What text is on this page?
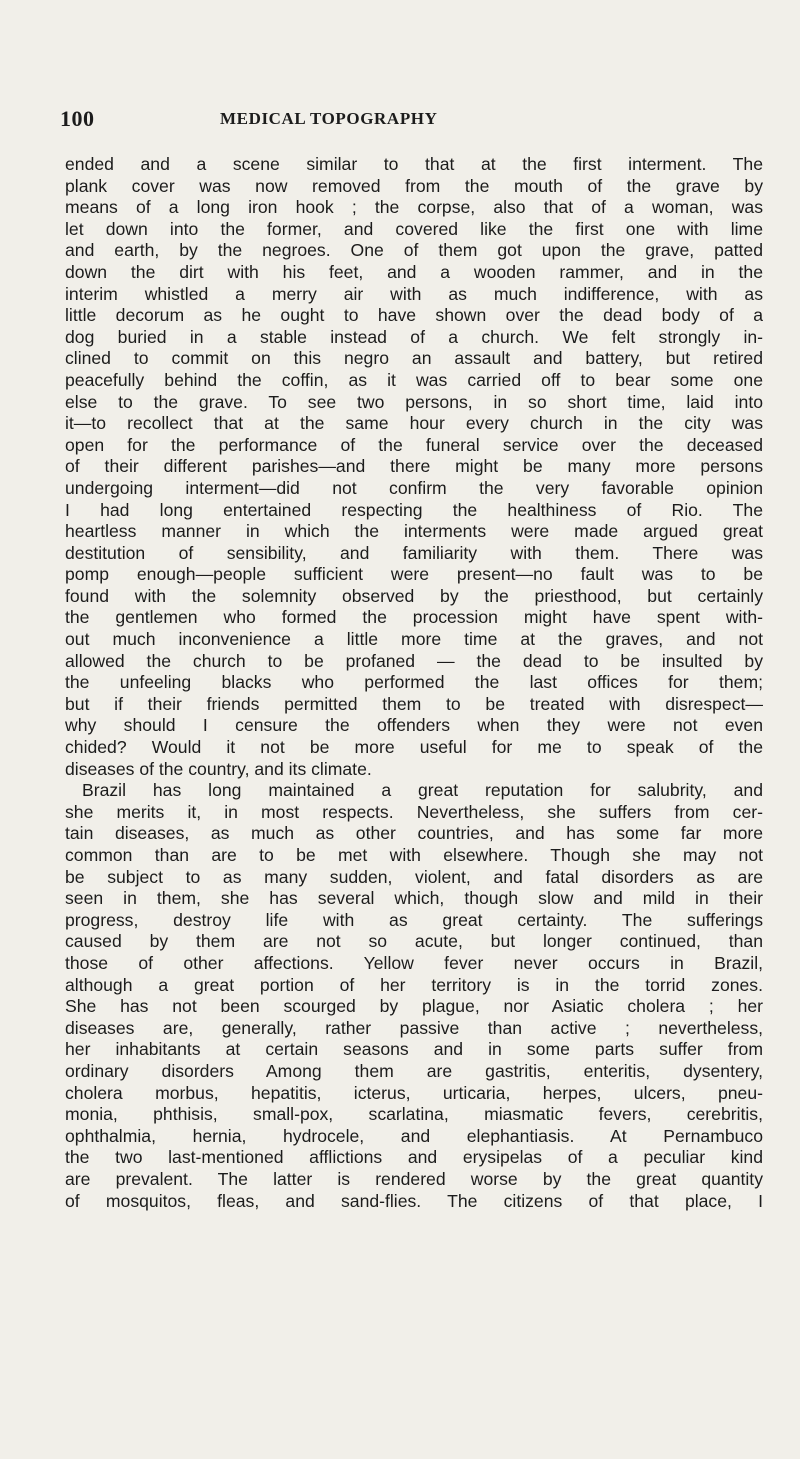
100	MEDICAL TOPOGRAPHY
ended and a scene similar to that at the first interment. The
plank cover was now removed from the mouth of the grave by
means of a long iron hook ; the corpse, also that of a woman, was
let down into the former, and covered like the first one with lime
and earth, by the negroes. One of them got upon the grave, patted
down the dirt with his feet, and a wooden rammer, and in the
interim whistled a merry air with as much indifference, with as
little decorum as he ought to have shown over the dead body of a
dog buried in a stable instead of a church. We felt strongly in-
clined to commit on this negro an assault and battery, but retired
peacefully behind the coffin, as it was carried off to bear some one
else to the grave. To see two persons, in so short time, laid into
it—to recollect that at the same hour every church in the city was
open for the performance of the funeral service over the deceased
of their different parishes—and there might be many more persons
undergoing interment—did not confirm the very favorable opinion
I had long entertained respecting the healthiness of Rio. The
heartless manner in which the interments were made argued great
destitution of sensibility, and familiarity with them. There was
pomp enough—people sufficient were present—no fault was to be
found with the solemnity observed by the priesthood, but certainly
the gentlemen who formed the procession might have spent with-
out much inconvenience a little more time at the graves, and not
allowed the church to be profaned — the dead to be insulted by
the unfeeling blacks who performed the last offices for them;
but if their friends permitted them to be treated with disrespect—
why should I censure the offenders when they were not even
chided? Would it not be more useful for me to speak of the
diseases of the country, and its climate.
Brazil has long maintained a great reputation for salubrity, and
she merits it, in most respects. Nevertheless, she suffers from cer-
tain diseases, as much as other countries, and has some far more
common than are to be met with elsewhere. Though she may not
be subject to as many sudden, violent, and fatal disorders as are
seen in them, she has several which, though slow and mild in their
progress, destroy life with as great certainty. The sufferings
caused by them are not so acute, but longer continued, than
those of other affections. Yellow fever never occurs in Brazil,
although a great portion of her territory is in the torrid zones.
She has not been scourged by plague, nor Asiatic cholera ; her
diseases are, generally, rather passive than active ; nevertheless,
her inhabitants at certain seasons and in some parts suffer from
ordinary disorders Among them are gastritis, enteritis, dysentery,
cholera morbus, hepatitis, icterus, urticaria, herpes, ulcers, pneu-
monia, phthisis, small-pox, scarlatina, miasmatic fevers, cerebritis,
ophthalmia, hernia, hydrocele, and elephantiasis. At Pernambuco
the two last-mentioned afflictions and erysipelas of a peculiar kind
are prevalent. The latter is rendered worse by the great quantity
of mosquitos, fleas, and sand-flies. The citizens of that place, I
